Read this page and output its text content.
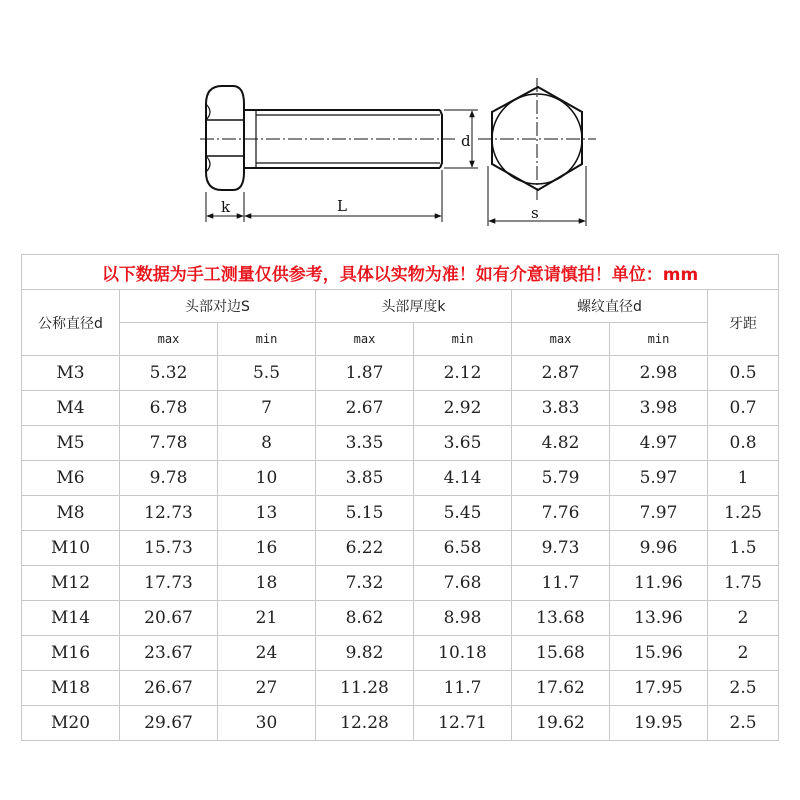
k	L
d
s
以下数据为手工测量仅供参考，具体以实物为准！如有介意请慎拍！单位：mm							
公称直径d	头部对边S		头部厚度k		螺纹直径d		牙距
	max	min	max	min	max	min	
M3	5.32	5.5	1.87	2.12	2.87	2.98	0.5
M4	6.78	7	2.67	2.92	3.83	3.98	0.7
M5	7.78	8	3.35	3.65	4.82	4.97	0.8
M6	9.78	10	3.85	4.14	5.79	5.97	1
M8	12.73	13	5.15	5.45	7.76	7.97	1.25
M10	15.73	16	6.22	6.58	9.73	9.96	1.5
M12	17.73	18	7.32	7.68	11.7	11.96	1.75
M14	20.67	21	8.62	8.98	13.68	13.96	2
M16	23.67	24	9.82	10.18	15.68	15.96	2
M18	26.67	27	11.28	11.7	17.62	17.95	2.5
M20	29.67	30	12.28	12.71	19.62	19.95	2.5
